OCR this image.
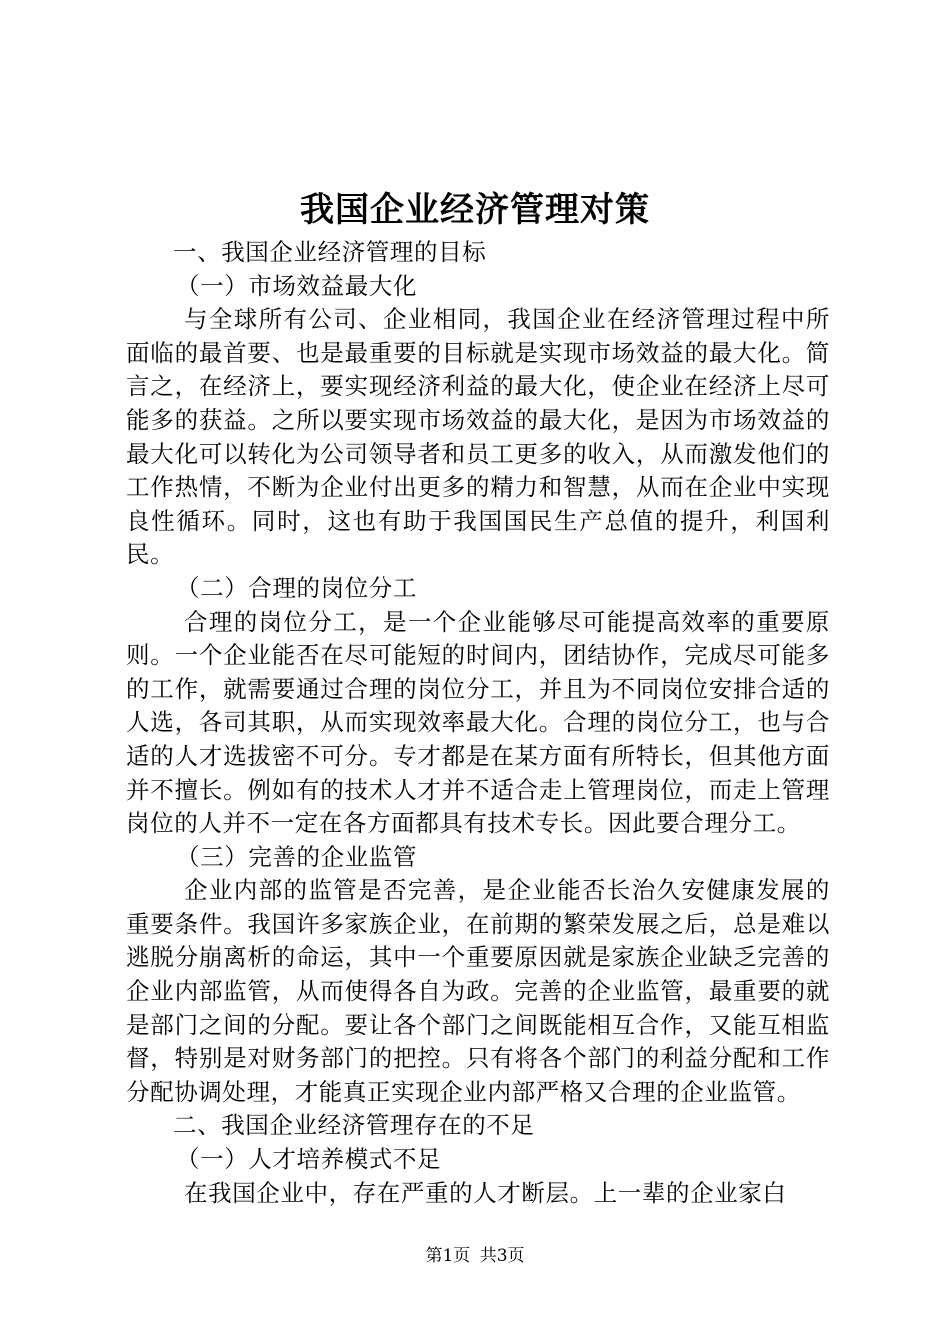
我国企业经济管理对策

一、我国企业经济管理的目标

（一）市场效益最大化

与全球所有公司、企业相同，我国企业在经济管理过程中所面临的最首要、也是最重要的目标就是实现市场效益的最大化。简言之，在经济上，要实现经济利益的最大化，使企业在经济上尽可能多的获益。之所以要实现市场效益的最大化，是因为市场效益的最大化可以转化为公司领导者和员工更多的收入，从而激发他们的工作热情，不断为企业付出更多的精力和智慧，从而在企业中实现良性循环。同时，这也有助于我国国民生产总值的提升，利国利民。

（二）合理的岗位分工

合理的岗位分工，是一个企业能够尽可能提高效率的重要原则。一个企业能否在尽可能短的时间内，团结协作，完成尽可能多的工作，就需要通过合理的岗位分工，并且为不同岗位安排合适的人选，各司其职，从而实现效率最大化。合理的岗位分工，也与合适的人才选拔密不可分。专才都是在某方面有所特长，但其他方面并不擅长。例如有的技术人才并不适合走上管理岗位，而走上管理岗位的人并不一定在各方面都具有技术专长。因此要合理分工。

（三）完善的企业监管

企业内部的监管是否完善，是企业能否长治久安健康发展的重要条件。我国许多家族企业，在前期的繁荣发展之后，总是难以逃脱分崩离析的命运，其中一个重要原因就是家族企业缺乏完善的企业内部监管，从而使得各自为政。完善的企业监管，最重要的就是部门之间的分配。要让各个部门之间既能相互合作，又能互相监督，特别是对财务部门的把控。只有将各个部门的利益分配和工作分配协调处理，才能真正实现企业内部严格又合理的企业监管。

二、我国企业经济管理存在的不足

（一）人才培养模式不足

在我国企业中，存在严重的人才断层。上一辈的企业家白

第1页 共3页
